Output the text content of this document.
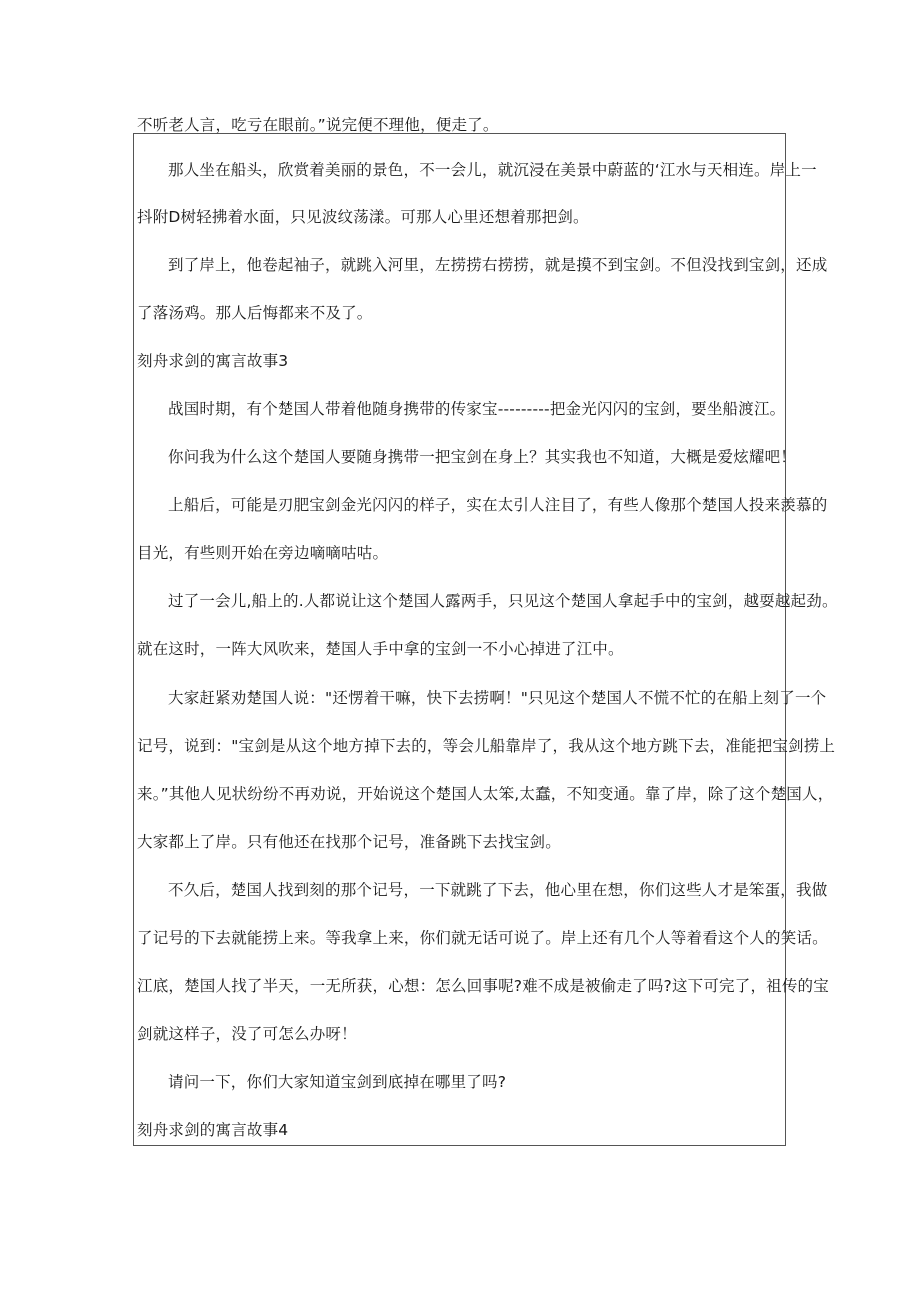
不听老人言，吃亏在眼前。”说完便不理他，便走了。
那人坐在船头，欣赏着美丽的景色，不一会儿，就沉浸在美景中蔚蓝的‘江水与天相连。岸上一
抖附D树轻拂着水面，只见波纹荡漾。可那人心里还想着那把剑。
到了岸上，他卷起袖子，就跳入河里，左捞捞右捞捞，就是摸不到宝剑。不但没找到宝剑，还成
了落汤鸡。那人后悔都来不及了。
刻舟求剑的寓言故事3
战国时期，有个楚国人带着他随身携带的传家宝---------把金光闪闪的宝剑，要坐船渡江。
你问我为什么这个楚国人要随身携带一把宝剑在身上？其实我也不知道，大概是爱炫耀吧！
上船后，可能是刃肥宝剑金光闪闪的样子，实在太引人注目了，有些人像那个楚国人投来羡慕的
目光，有些则开始在旁边嘀嘀咕咕。
过了一会儿,船上的.人都说让这个楚国人露两手，只见这个楚国人拿起手中的宝剑，越耍越起劲。
就在这时，一阵大风吹来，楚国人手中拿的宝剑一不小心掉进了江中。
大家赶紧劝楚国人说："还愣着干嘛，快下去捞啊！"只见这个楚国人不慌不忙的在船上刻了一个
记号，说到："宝剑是从这个地方掉下去的，等会儿船靠岸了，我从这个地方跳下去，准能把宝剑捞上
来。”其他人见状纷纷不再劝说，开始说这个楚国人太笨,太蠢，不知变通。靠了岸，除了这个楚国人，
大家都上了岸。只有他还在找那个记号，准备跳下去找宝剑。
不久后，楚国人找到刻的那个记号，一下就跳了下去，他心里在想，你们这些人才是笨蛋，我做
了记号的下去就能捞上来。等我拿上来，你们就无话可说了。岸上还有几个人等着看这个人的笑话。
江底，楚国人找了半天，一无所获，心想：怎么回事呢?难不成是被偷走了吗?这下可完了，祖传的宝
剑就这样子，没了可怎么办呀！
请问一下，你们大家知道宝剑到底掉在哪里了吗?
刻舟求剑的寓言故事4
